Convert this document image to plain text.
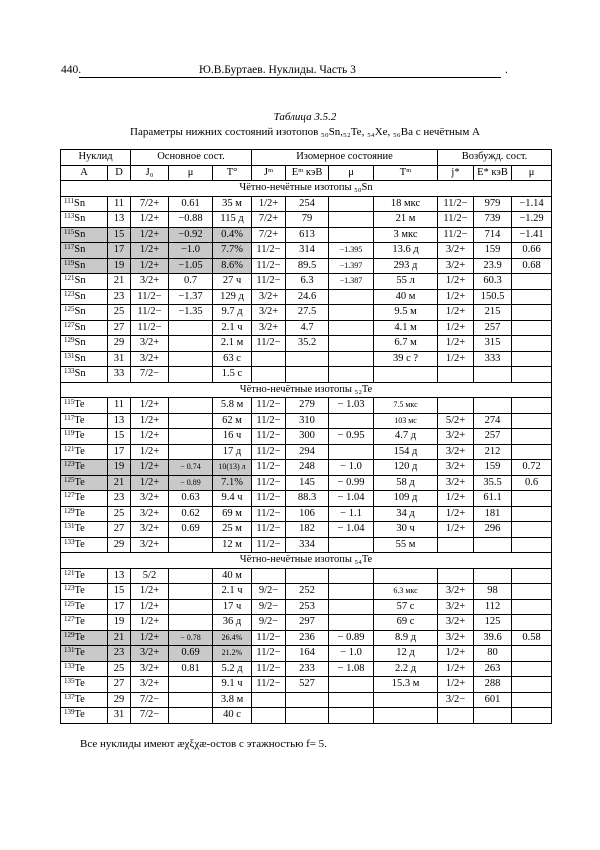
440.	Ю.В.Буртаев. Нуклиды. Часть 3	.
Таблица 3.5.2
Параметры нижних состояний изотопов ₅₀Sn,₅₂Te, ₅₄Xe, ₅₆Ba с нечётным A
Нуклид		Основное сост.			Изомерное состояние				Возбужд. сост.		
A	D	J₀	μ	T°	Jᵐ	Eᵐ кэВ	μ	Tᵐ	j*	E* кэВ	μ
Чётно-нечётные изотопы ₅₀Sn											
$^{111}$Sn	11	7/2+	0.61	35 м	1/2+	254		18 мкс	11/2−	979	−1.14
$^{113}$Sn	13	1/2+	−0.88	115 д	7/2+	79		21 м	11/2−	739	−1.29
$^{115}$Sn	15	1/2+	−0.92	0.4%	7/2+	613		3 мкс	11/2−	714	−1.41
$^{117}$Sn	17	1/2+	−1.0	7.7%	11/2−	314	−1.395	13.6 д	3/2+	159	0.66
$^{119}$Sn	19	1/2+	−1.05	8.6%	11/2−	89.5	−1.397	293 д	3/2+	23.9	0.68
$^{121}$Sn	21	3/2+	0.7	27 ч	11/2−	6.3	−1.387	55 л	1/2+	60.3	
$^{123}$Sn	23	11/2−	−1.37	129 д	3/2+	24.6		40 м	1/2+	150.5	
$^{125}$Sn	25	11/2−	−1.35	9.7 д	3/2+	27.5		9.5 м	1/2+	215	
$^{127}$Sn	27	11/2−		2.1 ч	3/2+	4.7		4.1 м	1/2+	257	
$^{129}$Sn	29	3/2+		2.1 м	11/2−	35.2		6.7 м	1/2+	315	
$^{131}$Sn	31	3/2+		63 с				39 с ?	1/2+	333	
$^{133}$Sn	33	7/2−		1.5 с							
Чётно-нечётные изотопы ₅₂Te											
$^{115}$Te	11	1/2+		5.8 м	11/2−	279	− 1.03	7.5 мкс			
$^{117}$Te	13	1/2+		62 м	11/2−	310		103 мс	5/2+	274	
$^{119}$Te	15	1/2+		16 ч	11/2−	300	− 0.95	4.7 д	3/2+	257	
$^{121}$Te	17	1/2+		17 д	11/2−	294		154 д	3/2+	212	
$^{123}$Te	19	1/2+	− 0.74	10(13) л	11/2−	248	− 1.0	120 д	3/2+	159	0.72
$^{125}$Te	21	1/2+	− 0.89	7.1%	11/2−	145	− 0.99	58 д	3/2+	35.5	0.6
$^{127}$Te	23	3/2+	0.63	9.4 ч	11/2−	88.3	− 1.04	109 д	1/2+	61.1	
$^{129}$Te	25	3/2+	0.62	69 м	11/2−	106	− 1.1	34 д	1/2+	181	
$^{131}$Te	27	3/2+	0.69	25 м	11/2−	182	− 1.04	30 ч	1/2+	296	
$^{133}$Te	29	3/2+		12 м	11/2−	334		55 м			
Чётно-нечётные изотопы ₅₄Te											
$^{121}$Te	13	5/2		40 м							
$^{123}$Te	15	1/2+		2.1 ч	9/2−	252		6.3 мкс	3/2+	98	
$^{125}$Te	17	1/2+		17 ч	9/2−	253		57 с	3/2+	112	
$^{127}$Te	19	1/2+		36 д	9/2−	297		69 с	3/2+	125	
$^{129}$Te	21	1/2+	− 0.78	26.4%	11/2−	236	− 0.89	8.9 д	3/2+	39.6	0.58
$^{131}$Te	23	3/2+	0.69	21.2%	11/2−	164	− 1.0	12 д	1/2+	80	
$^{133}$Te	25	3/2+	0.81	5.2 д	11/2−	233	− 1.08	2.2 д	1/2+	263	
$^{135}$Te	27	3/2+		9.1 ч	11/2−	527		15.3 м	1/2+	288	
$^{137}$Te	29	7/2−		3.8 м					3/2−	601	
$^{139}$Te	31	7/2−		40 с							
Все нуклиды имеют æχξχæ-остов с этажностью f= 5.
